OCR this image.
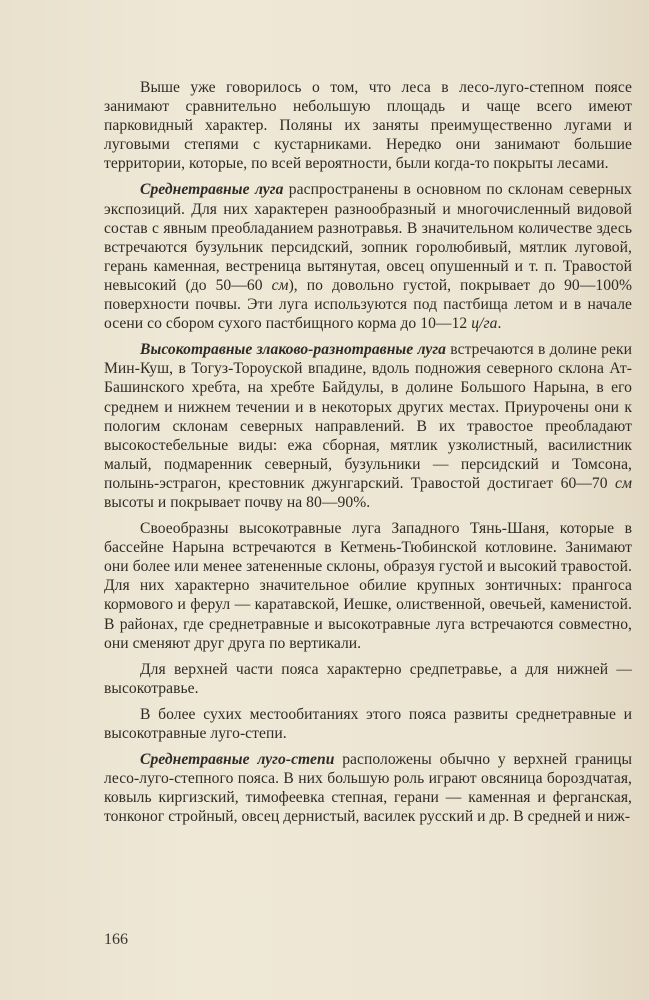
Выше уже говорилось о том, что леса в лесо-луго-степном поясе занимают сравнительно небольшую площадь и чаще всего имеют парковидный характер. Поляны их заняты преимущественно лугами и луговыми степями с кустарниками. Нередко они занимают большие территории, которые, по всей вероятности, были когда-то покрыты лесами.

Среднетравные луга распространены в основном по склонам северных экспозиций. Для них характерен разнообразный и многочисленный видовой состав с явным преобладанием разнотравья. В значительном количестве здесь встречаются бузульник персидский, зопник горолюбивый, мятлик луговой, герань каменная, вестреница вытянутая, овсец опушенный и т. п. Травостой невысокий (до 50—60 см), по довольно густой, покрывает до 90—100% поверхности почвы. Эти луга используются под пастбища летом и в начале осени со сбором сухого пастбищного корма до 10—12 ц/га.

Высокотравные злаково-разнотравные луга встречаются в долине реки Мин-Куш, в Тогуз-Тороуской впадине, вдоль подножия северного склона Ат-Башинского хребта, на хребте Байдулы, в долине Большого Нарына, в его среднем и нижнем течении и в некоторых других местах. Приурочены они к пологим склонам северных направлений. В их травостое преобладают высокостебельные виды: ежа сборная, мятлик узколистный, василистник малый, подмаренник северный, бузульники — персидский и Томсона, полынь-эстрагон, крестовник джунгарский. Травостой достигает 60—70 см высоты и покрывает почву на 80—90%.

Своеобразны высокотравные луга Западного Тянь-Шаня, которые в бассейне Нарына встречаются в Кетмень-Тюбинской котловине. Занимают они более или менее затененные склоны, образуя густой и высокий травостой. Для них характерно значительное обилие крупных зонтичных: прангоса кормового и ферул — каратавской, Иешке, олиственной, овечьей, каменистой. В районах, где среднетравные и высокотравные луга встречаются совместно, они сменяют друг друга по вертикали.

Для верхней части пояса характерно средпетравье, а для нижней — высокотравье.

В более сухих местообитаниях этого пояса развиты среднетравные и высокотравные луго-степи.

Среднетравные луго-степи расположены обычно у верхней границы лесо-луго-степного пояса. В них большую роль играют овсяница бороздчатая, ковыль киргизский, тимофеевка степная, герани — каменная и ферганская, тонконог стройный, овсец дернистый, василек русский и др. В средней и ниж-

166
